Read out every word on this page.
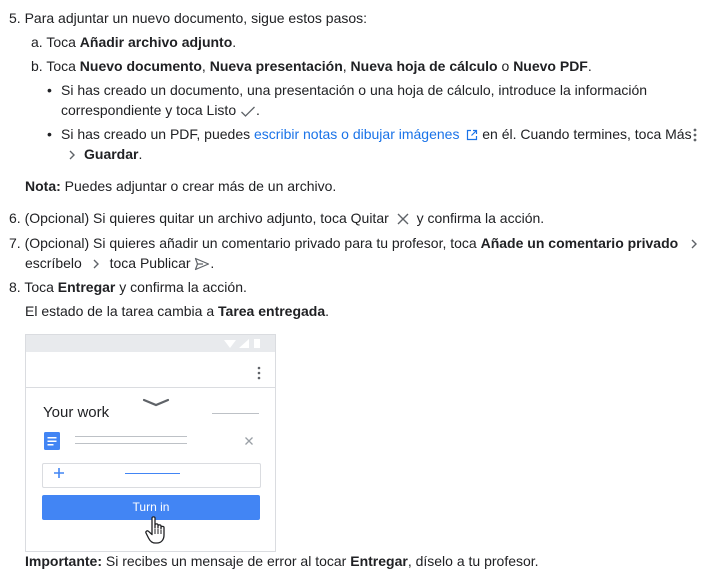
5. Para adjuntar un nuevo documento, sigue estos pasos:
a. Toca Añadir archivo adjunto.
b. Toca Nuevo documento, Nueva presentación, Nueva hoja de cálculo o Nuevo PDF.
• Si has creado un documento, una presentación o una hoja de cálculo, introduce la información
correspondiente y toca Listo .
• Si has creado un PDF, puedes escribir notas o dibujar imágenes  en él. Cuando termines, toca Más
Guardar.
Nota: Puedes adjuntar o crear más de un archivo.
6. (Opcional) Si quieres quitar un archivo adjunto, toca Quitar y confirma la acción.
7. (Opcional) Si quieres añadir un comentario privado para tu profesor, toca Añade un comentario privado
escríbelo toca Publicar .
8. Toca Entregar y confirma la acción.
El estado de la tarea cambia a Tarea entregada.
Your work
Turn in
Importante: Si recibes un mensaje de error al tocar Entregar, díselo a tu profesor.
